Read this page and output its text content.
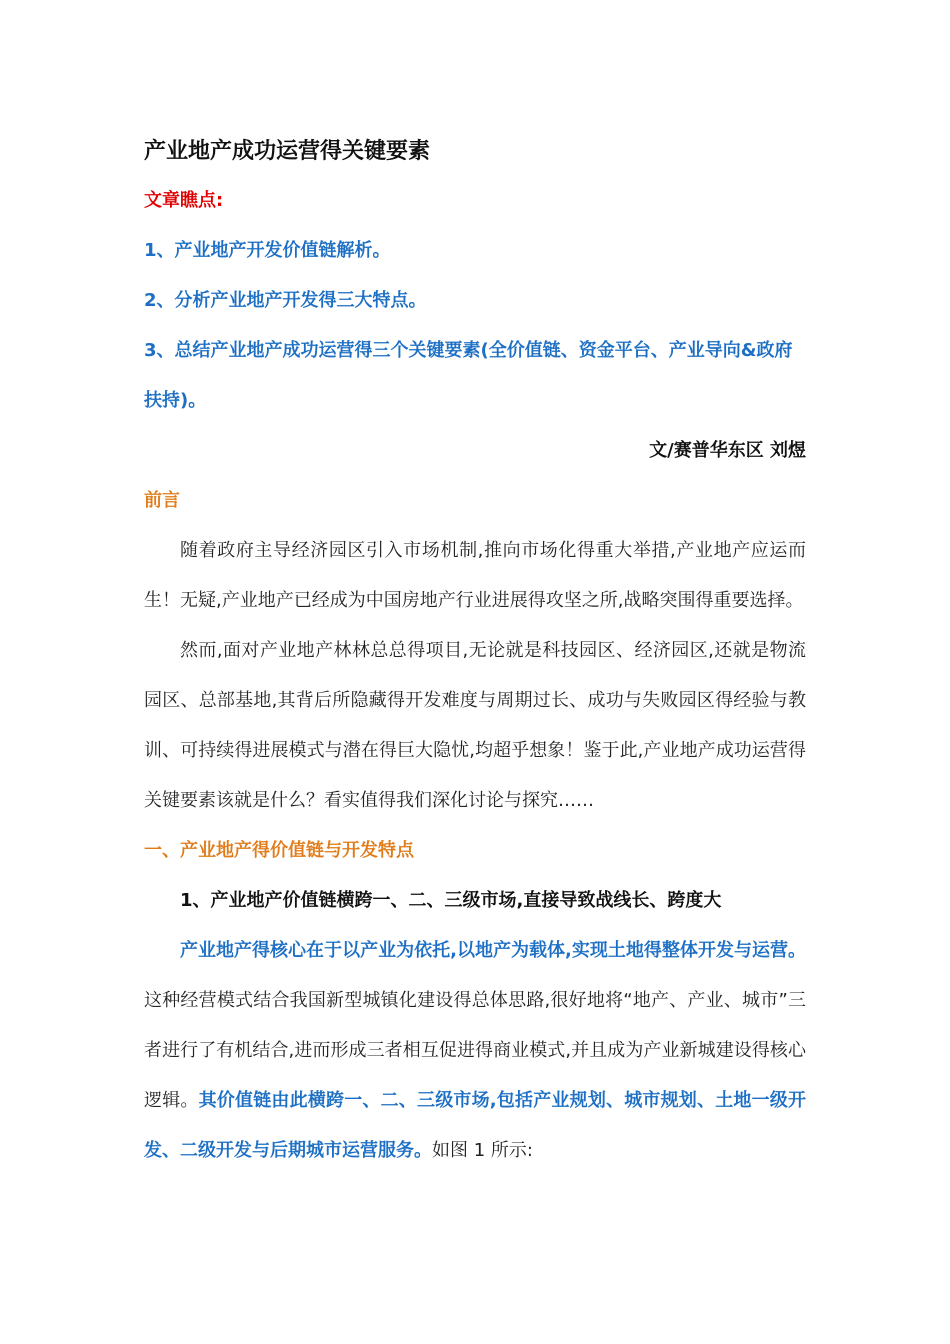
产业地产成功运营得关键要素

文章瞧点:

1、产业地产开发价值链解析。

2、分析产业地产开发得三大特点。

3、总结产业地产成功运营得三个关键要素(全价值链、资金平台、产业导向&政府扶持)。

文/赛普华东区 刘煜

前言

随着政府主导经济园区引入市场机制,推向市场化得重大举措,产业地产应运而生！无疑,产业地产已经成为中国房地产行业进展得攻坚之所,战略突围得重要选择。

然而,面对产业地产林林总总得项目,无论就是科技园区、经济园区,还就是物流园区、总部基地,其背后所隐藏得开发难度与周期过长、成功与失败园区得经验与教训、可持续得进展模式与潜在得巨大隐忧,均超乎想象！鉴于此,产业地产成功运营得关键要素该就是什么？看实值得我们深化讨论与探究……

一、产业地产得价值链与开发特点

1、产业地产价值链横跨一、二、三级市场,直接导致战线长、跨度大

产业地产得核心在于以产业为依托,以地产为载体,实现土地得整体开发与运营。这种经营模式结合我国新型城镇化建设得总体思路,很好地将“地产、产业、城市”三者进行了有机结合,进而形成三者相互促进得商业模式,并且成为产业新城建设得核心逻辑。其价值链由此横跨一、二、三级市场,包括产业规划、城市规划、土地一级开发、二级开发与后期城市运营服务。如图 1 所示:
